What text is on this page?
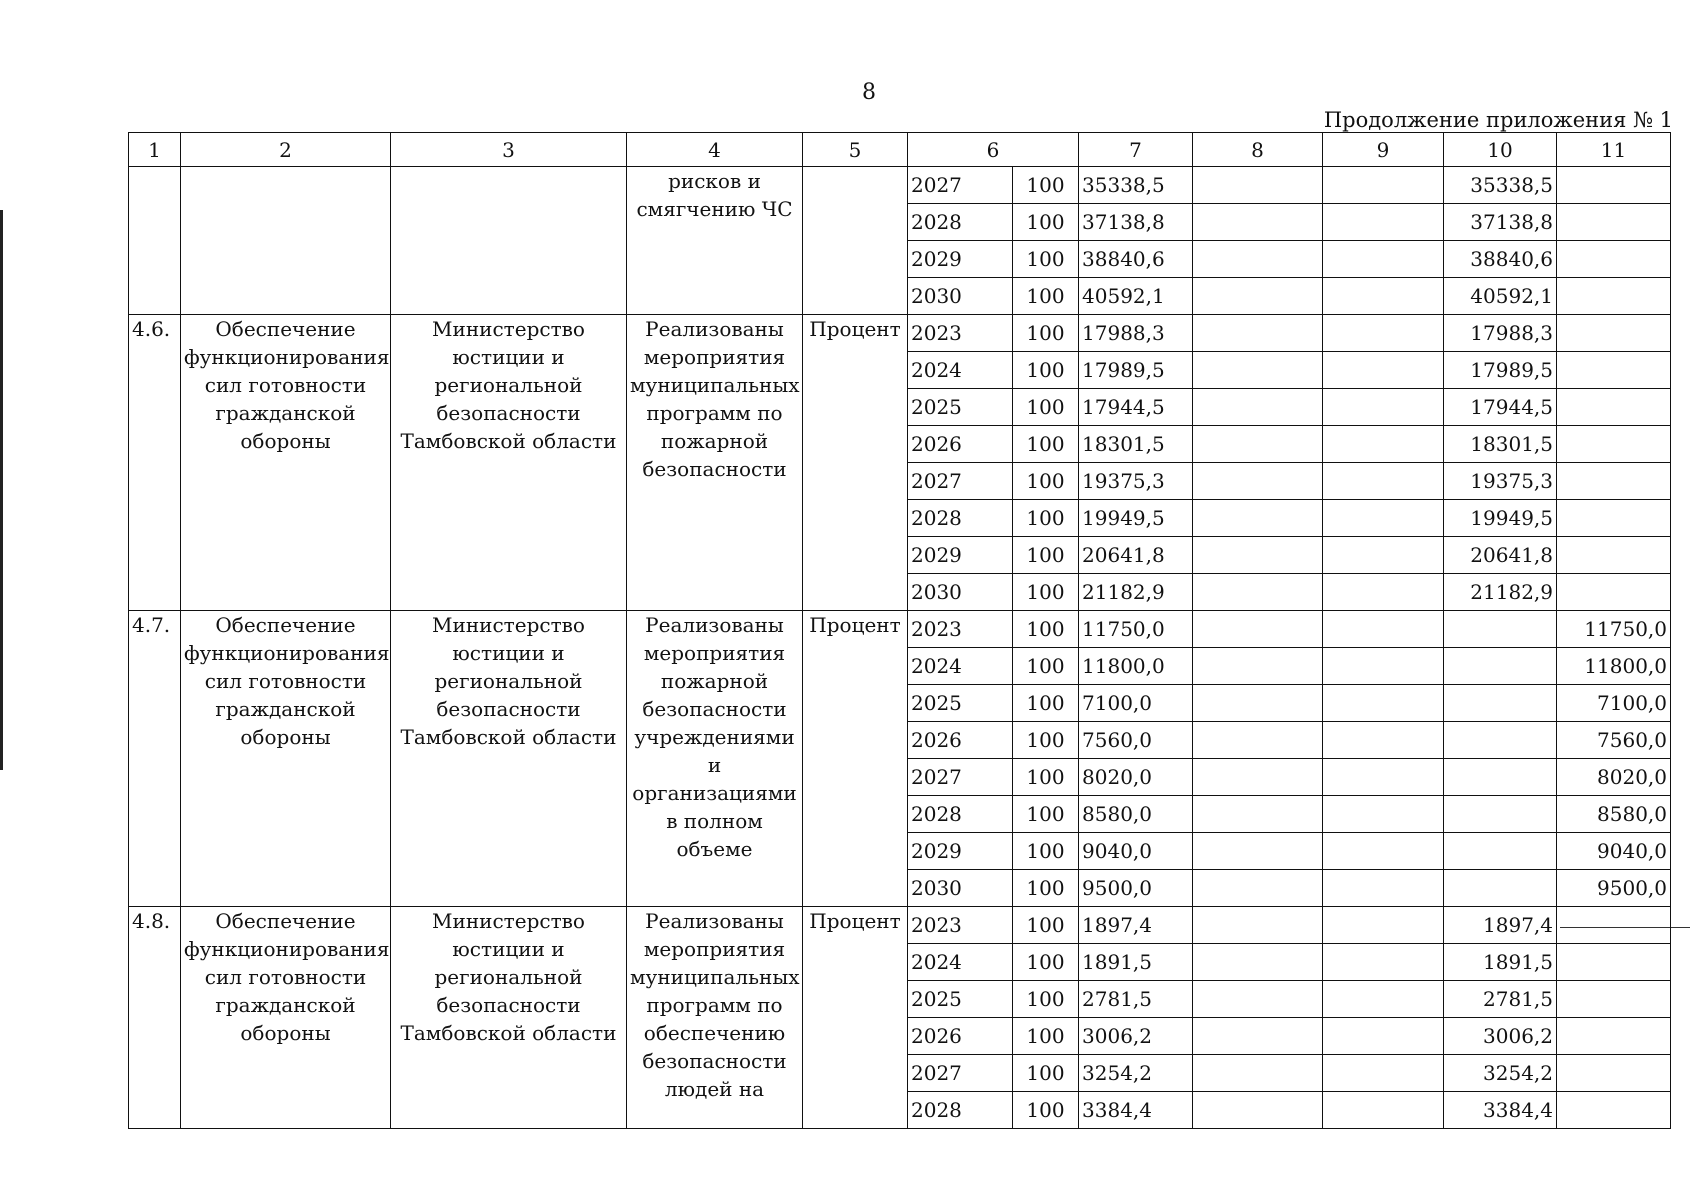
8
Продолжение приложения № 1
1	2	3	4	5	6		7	8	9	10	11
			рисков и смягчению ЧС		2027	100	35338,5			35338,5	
					2028	100	37138,8			37138,8	
					2029	100	38840,6			38840,6	
					2030	100	40592,1			40592,1	
4.6.	Обеспечение функционирования сил готовности гражданской обороны	Министерство юстиции и региональной безопасности Тамбовской области	Реализованы мероприятия муниципальных программ по пожарной безопасности	Процент	2023	100	17988,3			17988,3	
					2024	100	17989,5			17989,5	
					2025	100	17944,5			17944,5	
					2026	100	18301,5			18301,5	
					2027	100	19375,3			19375,3	
					2028	100	19949,5			19949,5	
					2029	100	20641,8			20641,8	
					2030	100	21182,9			21182,9	
4.7.	Обеспечение функционирования сил готовности гражданской обороны	Министерство юстиции и региональной безопасности Тамбовской области	Реализованы мероприятия пожарной безопасности учреждениями и организациями в полном объеме	Процент	2023	100	11750,0				11750,0
					2024	100	11800,0				11800,0
					2025	100	7100,0				7100,0
					2026	100	7560,0				7560,0
					2027	100	8020,0				8020,0
					2028	100	8580,0				8580,0
					2029	100	9040,0				9040,0
					2030	100	9500,0				9500,0
4.8.	Обеспечение функционирования сил готовности гражданской обороны	Министерство юстиции и региональной безопасности Тамбовской области	Реализованы мероприятия муниципальных программ по обеспечению безопасности людей на	Процент	2023	100	1897,4			1897,4	
					2024	100	1891,5			1891,5	
					2025	100	2781,5			2781,5	
					2026	100	3006,2			3006,2	
					2027	100	3254,2			3254,2	
					2028	100	3384,4			3384,4	
